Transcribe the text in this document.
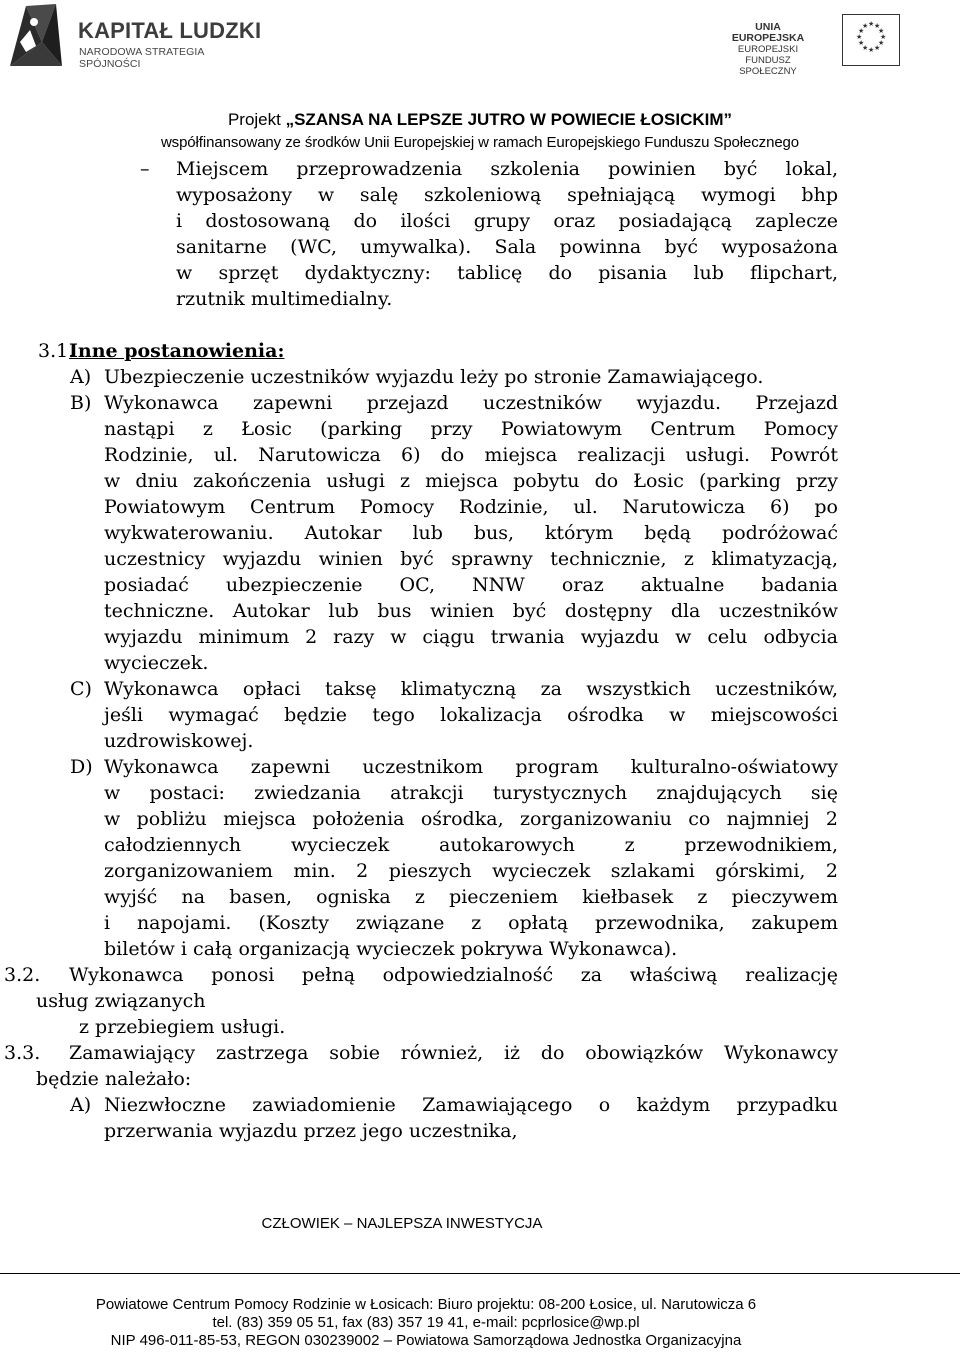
KAPITAŁ LUDZKI
NARODOWA STRATEGIA SPÓJNOŚCI
UNIA EUROPEJSKA
EUROPEJSKI
FUNDUSZ SPOŁECZNY
★ ★
★
★
★
★
★
★
★
★
★
★
Projekt „SZANSA NA LEPSZE JUTRO W POWIECIE ŁOSICKIM”
współfinansowany ze środków Unii Europejskiej w ramach Europejskiego Funduszu Społecznego
– Miejscem przeprowadzenia szkolenia powinien być lokal,
wyposażony w salę szkoleniową spełniającą wymogi bhp
i dostosowaną do ilości grupy oraz posiadającą zaplecze
sanitarne (WC, umywalka). Sala powinna być wyposażona
w sprzęt dydaktyczny: tablicę do pisania lub flipchart,
rzutnik multimedialny.
3.1.
Inne postanowienia:
A) Ubezpieczenie uczestników wyjazdu leży po stronie Zamawiającego.
B) Wykonawca zapewni przejazd uczestników wyjazdu. Przejazd
nastąpi z Łosic (parking przy Powiatowym Centrum Pomocy
Rodzinie, ul. Narutowicza 6) do miejsca realizacji usługi. Powrót
w dniu zakończenia usługi z miejsca pobytu do Łosic (parking przy
Powiatowym Centrum Pomocy Rodzinie, ul. Narutowicza 6) po
wykwaterowaniu. Autokar lub bus, którym będą podróżować
uczestnicy wyjazdu winien być sprawny technicznie, z klimatyzacją,
posiadać ubezpieczenie OC, NNW oraz aktualne badania
techniczne. Autokar lub bus winien być dostępny dla uczestników
wyjazdu minimum 2 razy w ciągu trwania wyjazdu w celu odbycia
wycieczek.
C) Wykonawca opłaci taksę klimatyczną za wszystkich uczestników,
jeśli wymagać będzie tego lokalizacja ośrodka w miejscowości
uzdrowiskowej.
D) Wykonawca zapewni uczestnikom program kulturalno-oświatowy
w postaci: zwiedzania atrakcji turystycznych znajdujących się
w pobliżu miejsca położenia ośrodka, zorganizowaniu co najmniej 2
całodziennych wycieczek autokarowych z przewodnikiem,
zorganizowaniem min. 2 pieszych wycieczek szlakami górskimi, 2
wyjść na basen, ogniska z pieczeniem kiełbasek z pieczywem
i napojami. (Koszty związane z opłatą przewodnika, zakupem
biletów i całą organizacją wycieczek pokrywa Wykonawca).
3.2. Wykonawca ponosi pełną odpowiedzialność za właściwą realizację
usług związanych
z przebiegiem usługi.
3.3. Zamawiający zastrzega sobie również, iż do obowiązków Wykonawcy
będzie należało:
A) Niezwłoczne zawiadomienie Zamawiającego o każdym przypadku
przerwania wyjazdu przez jego uczestnika,
CZŁOWIEK – NAJLEPSZA INWESTYCJA
Powiatowe Centrum Pomocy Rodzinie w Łosicach: Biuro projektu: 08-200 Łosice, ul. Narutowicza 6
tel. (83) 359 05 51, fax (83) 357 19 41, e-mail: pcprlosice@wp.pl
NIP 496-011-85-53, REGON 030239002 – Powiatowa Samorządowa Jednostka Organizacyjna
